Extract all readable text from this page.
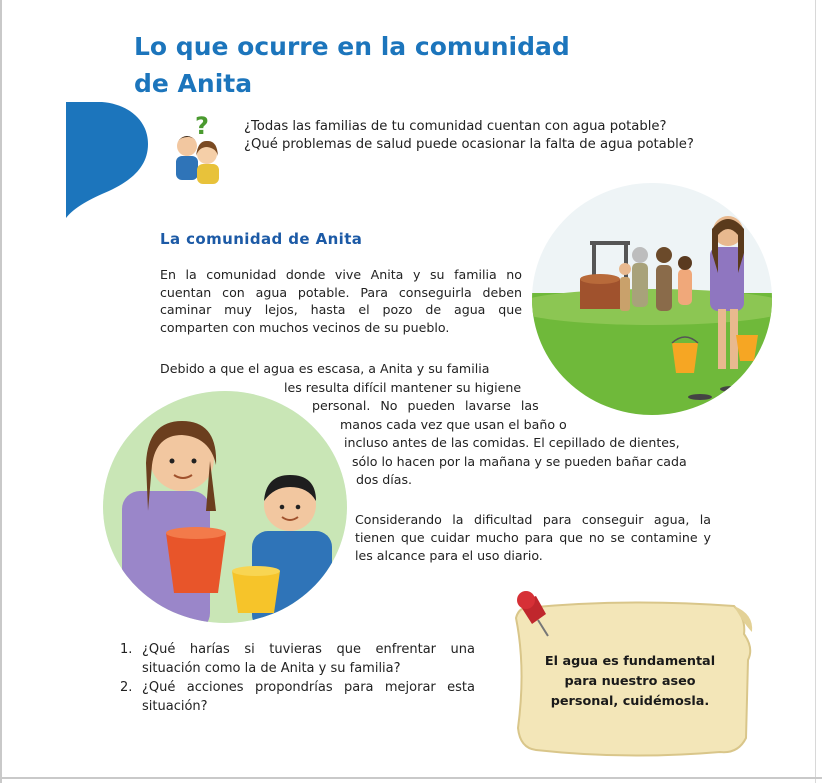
Lo que ocurre en la comunidad
de Anita
?	¿Todas las familias de tu comunidad cuentan con agua potable?
¿Qué problemas de salud puede ocasionar la falta de agua potable?
La comunidad de Anita

En la comunidad donde vive Anita y su familia no cuentan con agua potable. Para conseguirla deben caminar muy lejos, hasta el pozo de agua que comparten con muchos vecinos de su pueblo.

Debido a que el agua es escasa, a Anita y su familia
les resulta difícil mantener su higiene
personal. No pueden lavarse las
manos cada vez que usan el baño o
incluso antes de las comidas. El cepillado de dientes,
sólo lo hacen por la mañana y se pueden bañar cada
dos días.

Considerando la dificultad para conseguir agua, la tienen que cuidar mucho para que no se contamine y les alcance para el uso diario.

1. ¿Qué harías si tuvieras que enfrentar una situación como la de Anita y su familia?
2. ¿Qué acciones propondrías para mejorar esta situación?

El agua es fundamental para nuestro aseo personal, cuidémosla.
